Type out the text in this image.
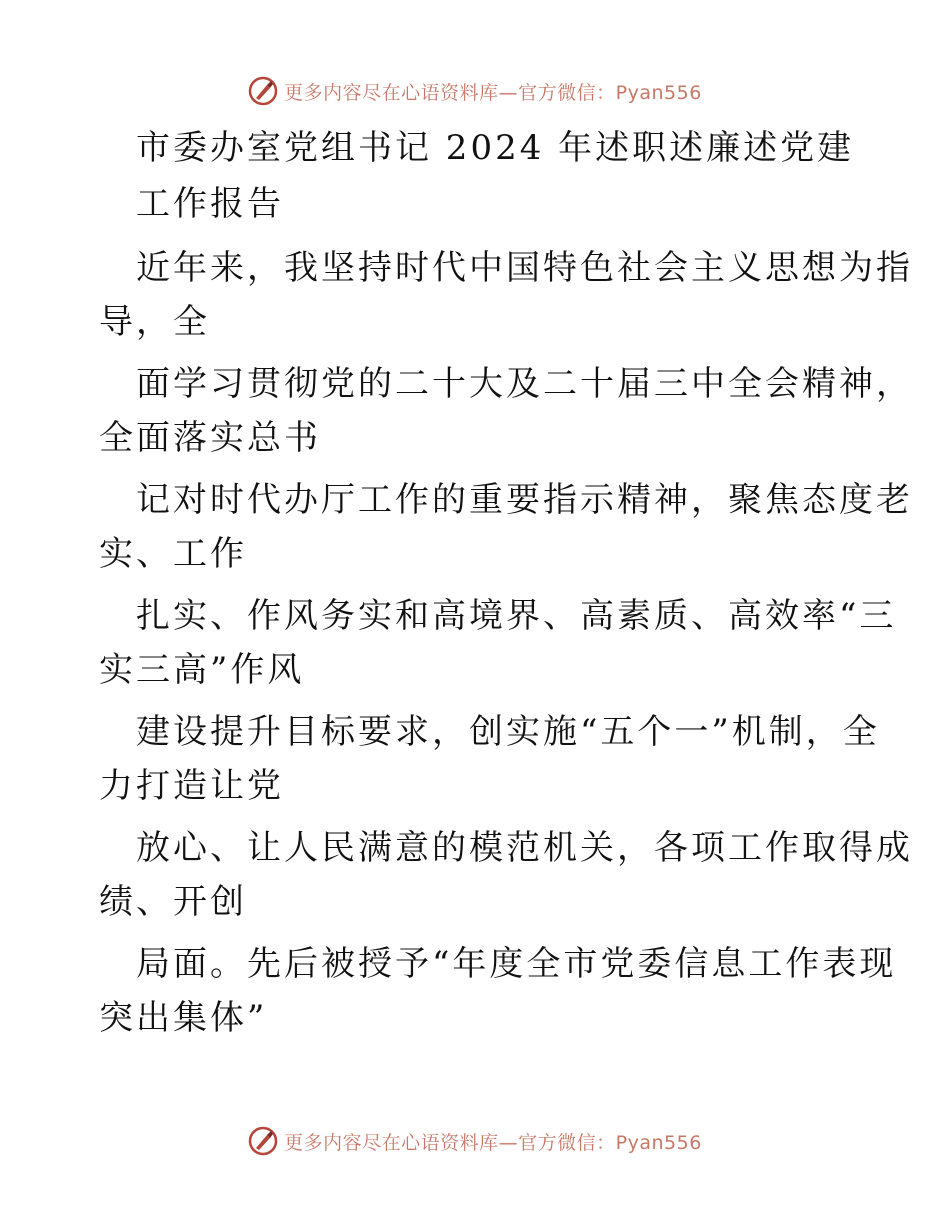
更多内容尽在心语资料库—官方微信：Pyan556
市委办室党组书记 2024 年述职述廉述党建
工作报告
近年来，我坚持时代中国特色社会主义思想为指
导，全
面学习贯彻党的二十大及二十届三中全会精神，
全面落实总书
记对时代办厅工作的重要指示精神，聚焦态度老
实、工作
扎实、作风务实和高境界、高素质、高效率“三
实三高”作风
建设提升目标要求，创实施“五个一”机制，全
力打造让党
放心、让人民满意的模范机关，各项工作取得成
绩、开创
局面。先后被授予“年度全市党委信息工作表现
突出集体”
更多内容尽在心语资料库—官方微信：Pyan556
